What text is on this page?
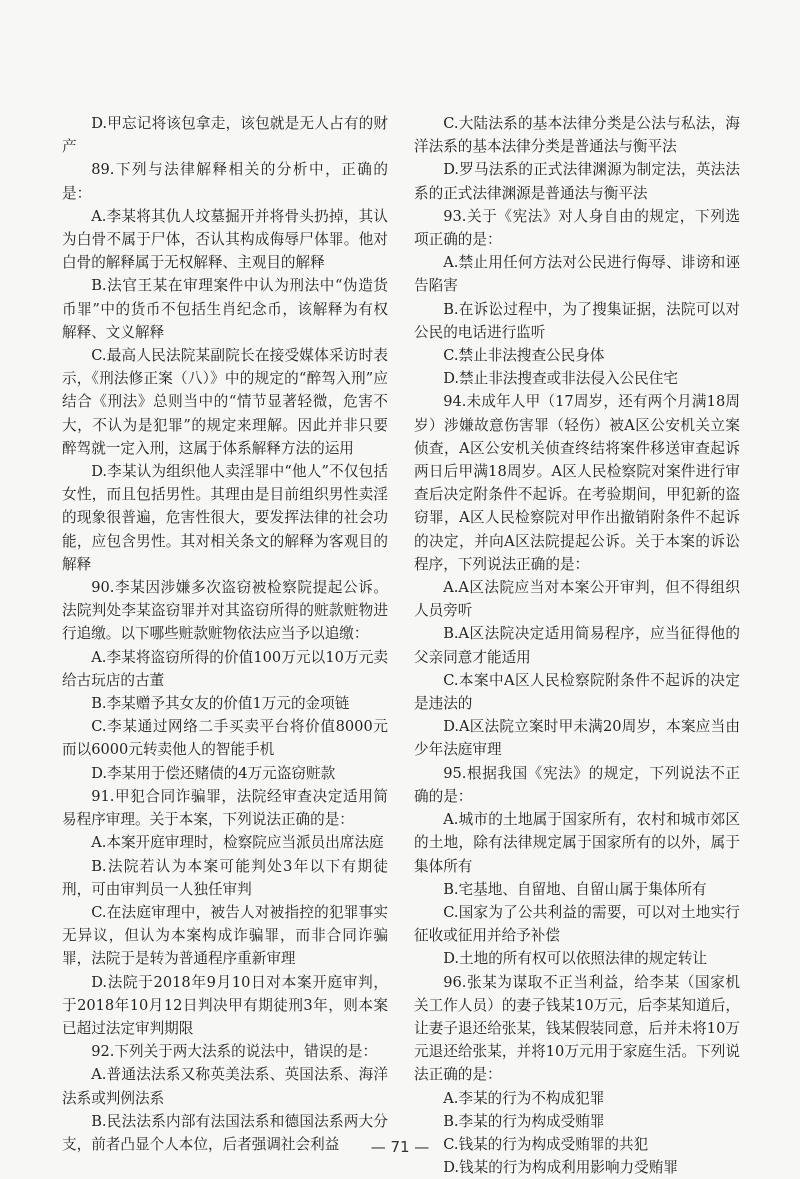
D.甲忘记将该包拿走，该包就是无人占有的财产

89.下列与法律解释相关的分析中，正确的是：

A.李某将其仇人坟墓掘开并将骨头扔掉，其认为白骨不属于尸体，否认其构成侮辱尸体罪。他对白骨的解释属于无权解释、主观目的解释

B.法官王某在审理案件中认为刑法中“伪造货币罪”中的货币不包括生肖纪念币，该解释为有权解释、文义解释

C.最高人民法院某副院长在接受媒体采访时表示，《刑法修正案（八）》中的规定的“醉驾入刑”应结合《刑法》总则当中的“情节显著轻微，危害不大，不认为是犯罪”的规定来理解。因此并非只要醉驾就一定入刑，这属于体系解释方法的运用

D.李某认为组织他人卖淫罪中“他人”不仅包括女性，而且包括男性。其理由是目前组织男性卖淫的现象很普遍，危害性很大，要发挥法律的社会功能，应包含男性。其对相关条文的解释为客观目的解释

90.李某因涉嫌多次盗窃被检察院提起公诉。法院判处李某盗窃罪并对其盗窃所得的赃款赃物进行追缴。以下哪些赃款赃物依法应当予以追缴：

A.李某将盗窃所得的价值100万元以10万元卖给古玩店的古董

B.李某赠予其女友的价值1万元的金项链

C.李某通过网络二手买卖平台将价值8000元而以6000元转卖他人的智能手机

D.李某用于偿还赌债的4万元盗窃赃款

91.甲犯合同诈骗罪，法院经审查决定适用简易程序审理。关于本案，下列说法正确的是：

A.本案开庭审理时，检察院应当派员出席法庭

B.法院若认为本案可能判处3年以下有期徒刑，可由审判员一人独任审判

C.在法庭审理中，被告人对被指控的犯罪事实无异议，但认为本案构成诈骗罪，而非合同诈骗罪，法院于是转为普通程序重新审理

D.法院于2018年9月10日对本案开庭审判，于2018年10月12日判决甲有期徒刑3年，则本案已超过法定审判期限

92.下列关于两大法系的说法中，错误的是：

A.普通法法系又称英美法系、英国法系、海洋法系或判例法系

B.民法法系内部有法国法系和德国法系两大分支，前者凸显个人本位，后者强调社会利益

C.大陆法系的基本法律分类是公法与私法，海洋法系的基本法律分类是普通法与衡平法

D.罗马法系的正式法律渊源为制定法，英法法系的正式法律渊源是普通法与衡平法

93.关于《宪法》对人身自由的规定，下列选项正确的是：

A.禁止用任何方法对公民进行侮辱、诽谤和诬告陷害

B.在诉讼过程中，为了搜集证据，法院可以对公民的电话进行监听

C.禁止非法搜查公民身体

D.禁止非法搜查或非法侵入公民住宅

94.未成年人甲（17周岁，还有两个月满18周岁）涉嫌故意伤害罪（轻伤）被A区公安机关立案侦查，A区公安机关侦查终结将案件移送审查起诉两日后甲满18周岁。A区人民检察院对案件进行审查后决定附条件不起诉。在考验期间，甲犯新的盗窃罪，A区人民检察院对甲作出撤销附条件不起诉的决定，并向A区法院提起公诉。关于本案的诉讼程序，下列说法正确的是：

A.A区法院应当对本案公开审判，但不得组织人员旁听

B.A区法院决定适用简易程序，应当征得他的父亲同意才能适用

C.本案中A区人民检察院附条件不起诉的决定是违法的

D.A区法院立案时甲未满20周岁，本案应当由少年法庭审理

95.根据我国《宪法》的规定，下列说法不正确的是：

A.城市的土地属于国家所有，农村和城市郊区的土地，除有法律规定属于国家所有的以外，属于集体所有

B.宅基地、自留地、自留山属于集体所有

C.国家为了公共利益的需要，可以对土地实行征收或征用并给予补偿

D.土地的所有权可以依照法律的规定转让

96.张某为谋取不正当利益，给李某（国家机关工作人员）的妻子钱某10万元，后李某知道后，让妻子退还给张某，钱某假装同意，后并未将10万元退还给张某，并将10万元用于家庭生活。下列说法正确的是：

A.李某的行为不构成犯罪

B.李某的行为构成受贿罪

C.钱某的行为构成受贿罪的共犯

D.钱某的行为构成利用影响力受贿罪

— 71 —
